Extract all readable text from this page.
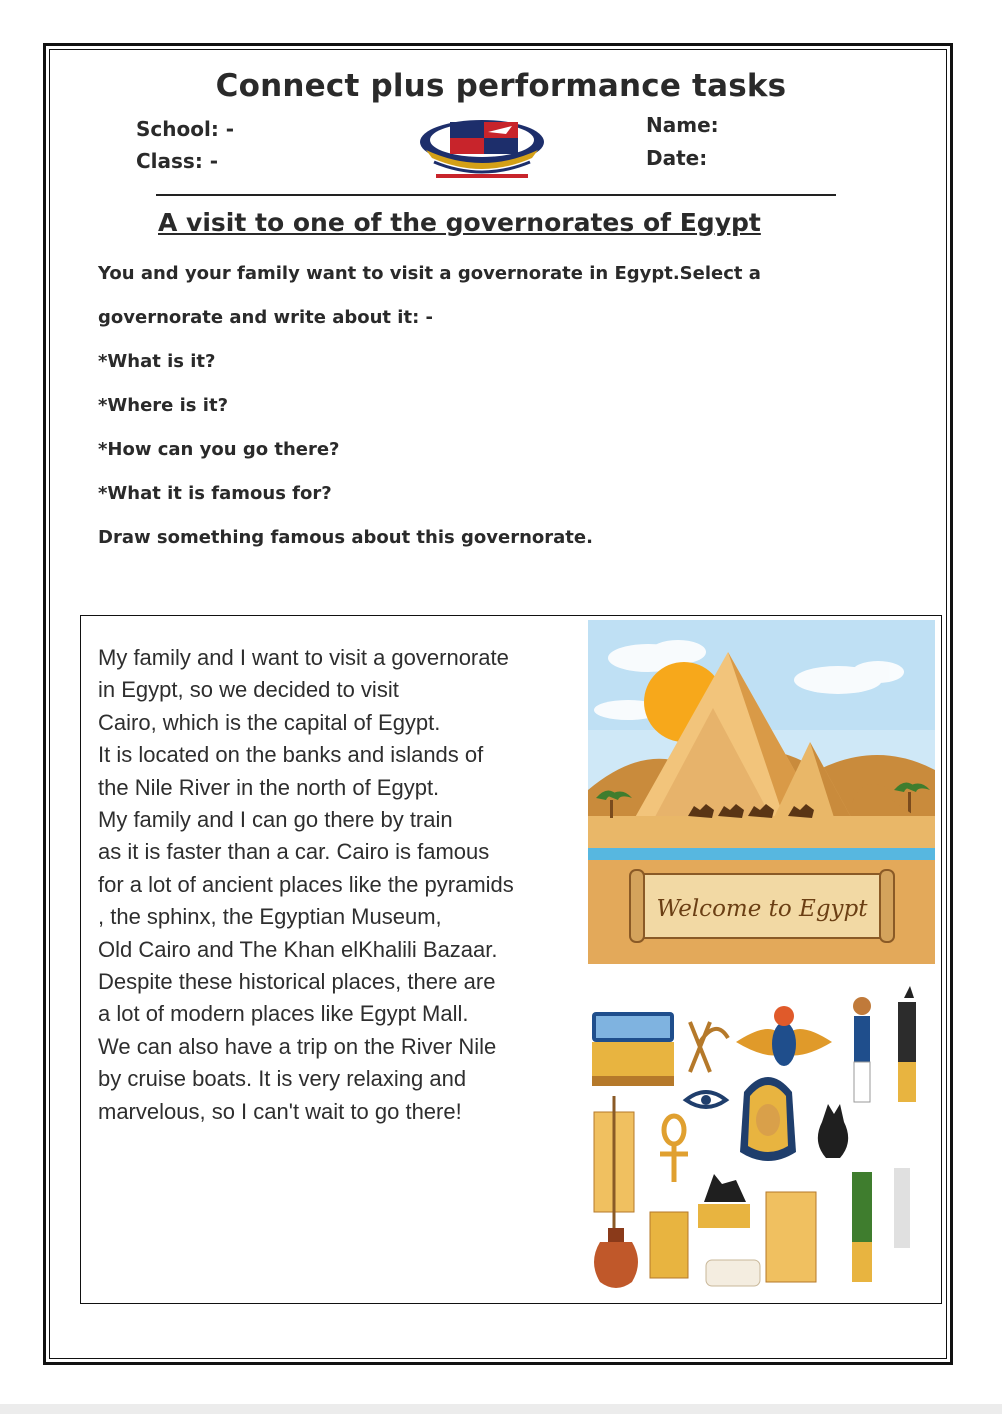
Connect plus performance tasks
School: -
Class: -
Name:
Date:
A visit to one of the governorates of Egypt
You and your family want to visit a governorate in Egypt.Select a
governorate and write about it: -
*What is it?
*Where is it?
*How can you go there?
*What it is famous for?
Draw something famous about this governorate.
My family and I want to visit a governorate
in Egypt, so we decided to visit
Cairo, which is the capital of Egypt.
It is located on the banks and islands of
the Nile River in the north of Egypt.
My family and I can go there by train
as it is faster than a car. Cairo is famous
for a lot of ancient places like the pyramids
, the sphinx, the Egyptian Museum,
Old Cairo and The Khan elKhalili Bazaar.
Despite these historical places, there are
a lot of modern places like Egypt Mall.
We can also have a trip on the River Nile
by cruise boats. It is very relaxing and
marvelous, so I can't wait to go there!
Welcome to Egypt
